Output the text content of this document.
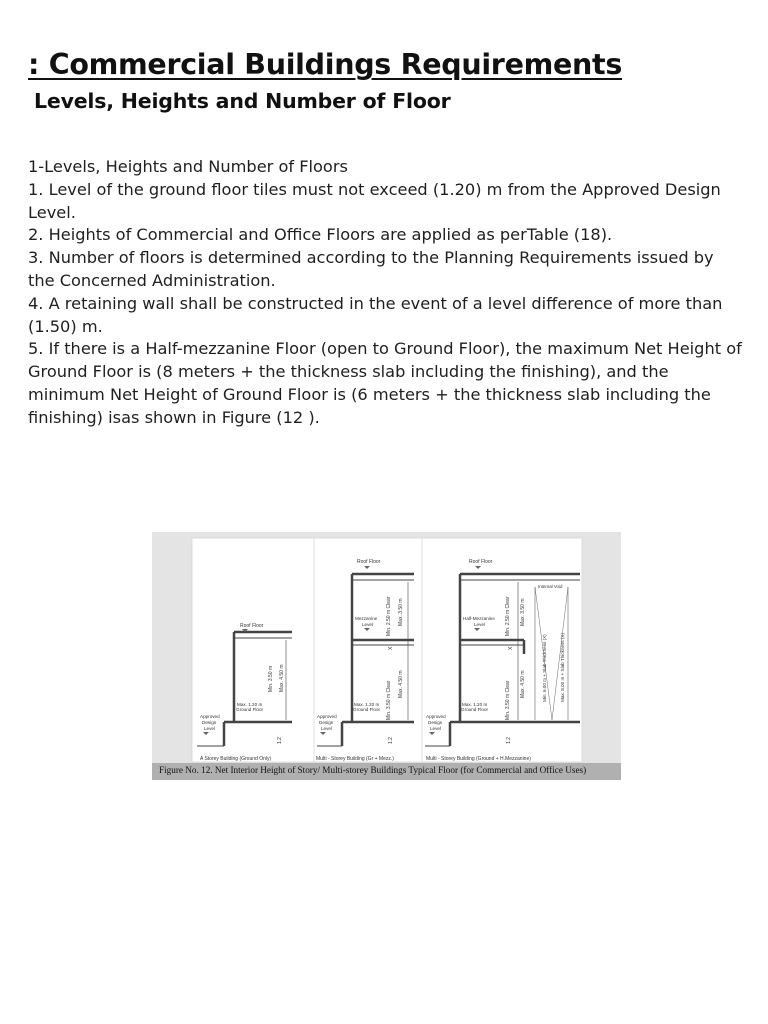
: Commercial Buildings Requirements
Levels, Heights and Number of Floor

1-Levels, Heights and Number of Floors

1. Level of the ground floor tiles must not exceed (1.20) m from the Approved Design Level.

2. Heights of Commercial and Office Floors are applied as perTable (18).

3. Number of floors is determined according to the Planning Requirements issued by the Concerned Administration.

4. A retaining wall shall be constructed in the event of a level difference of more than (1.50) m.

5. If there is a Half-mezzanine Floor (open to Ground Floor), the maximum Net Height of Ground Floor is (8 meters + the thickness slab including the finishing), and the minimum Net Height of Ground Floor is (6 meters + the thickness slab including the finishing) isas shown in Figure (12 ).

Roof Floor
Approved
Design
Level
Max. 1.20 m
Ground Floor
Min. 3.50 m Max. 4.50 m
1.2
A Storey Building (Ground Only)
Roof Floor
Mezzanine
Level
Approved
Design
Level
Max. 1.20 m
Ground Floor
Min. 2.50 m Clear Max. 3.50 m
X
Min. 3.50 m Clear Max. 4.50 m
1.2
Multi - Storey Building (Gr + Mezz.)
Roof Floor
Internal Void
Half-Mezzanine
Level
Approved
Design
Level
Max. 1.20 m
Ground Floor
Min. 2.50 m Clear Max. 3.50 m
X
Min. 3.50 m Clear Max. 4.50 m	Min. 6.00 m + Slab Thickness (X)	Max. 8.00 m + Slab Thickness (X)
1.2
Multi - Storey Building (Ground + H.Mezzanine)
Figure No. 12. Net Interior Height of Story/ Multi-storey Buildings Typical Floor (for Commercial and Office Uses)
